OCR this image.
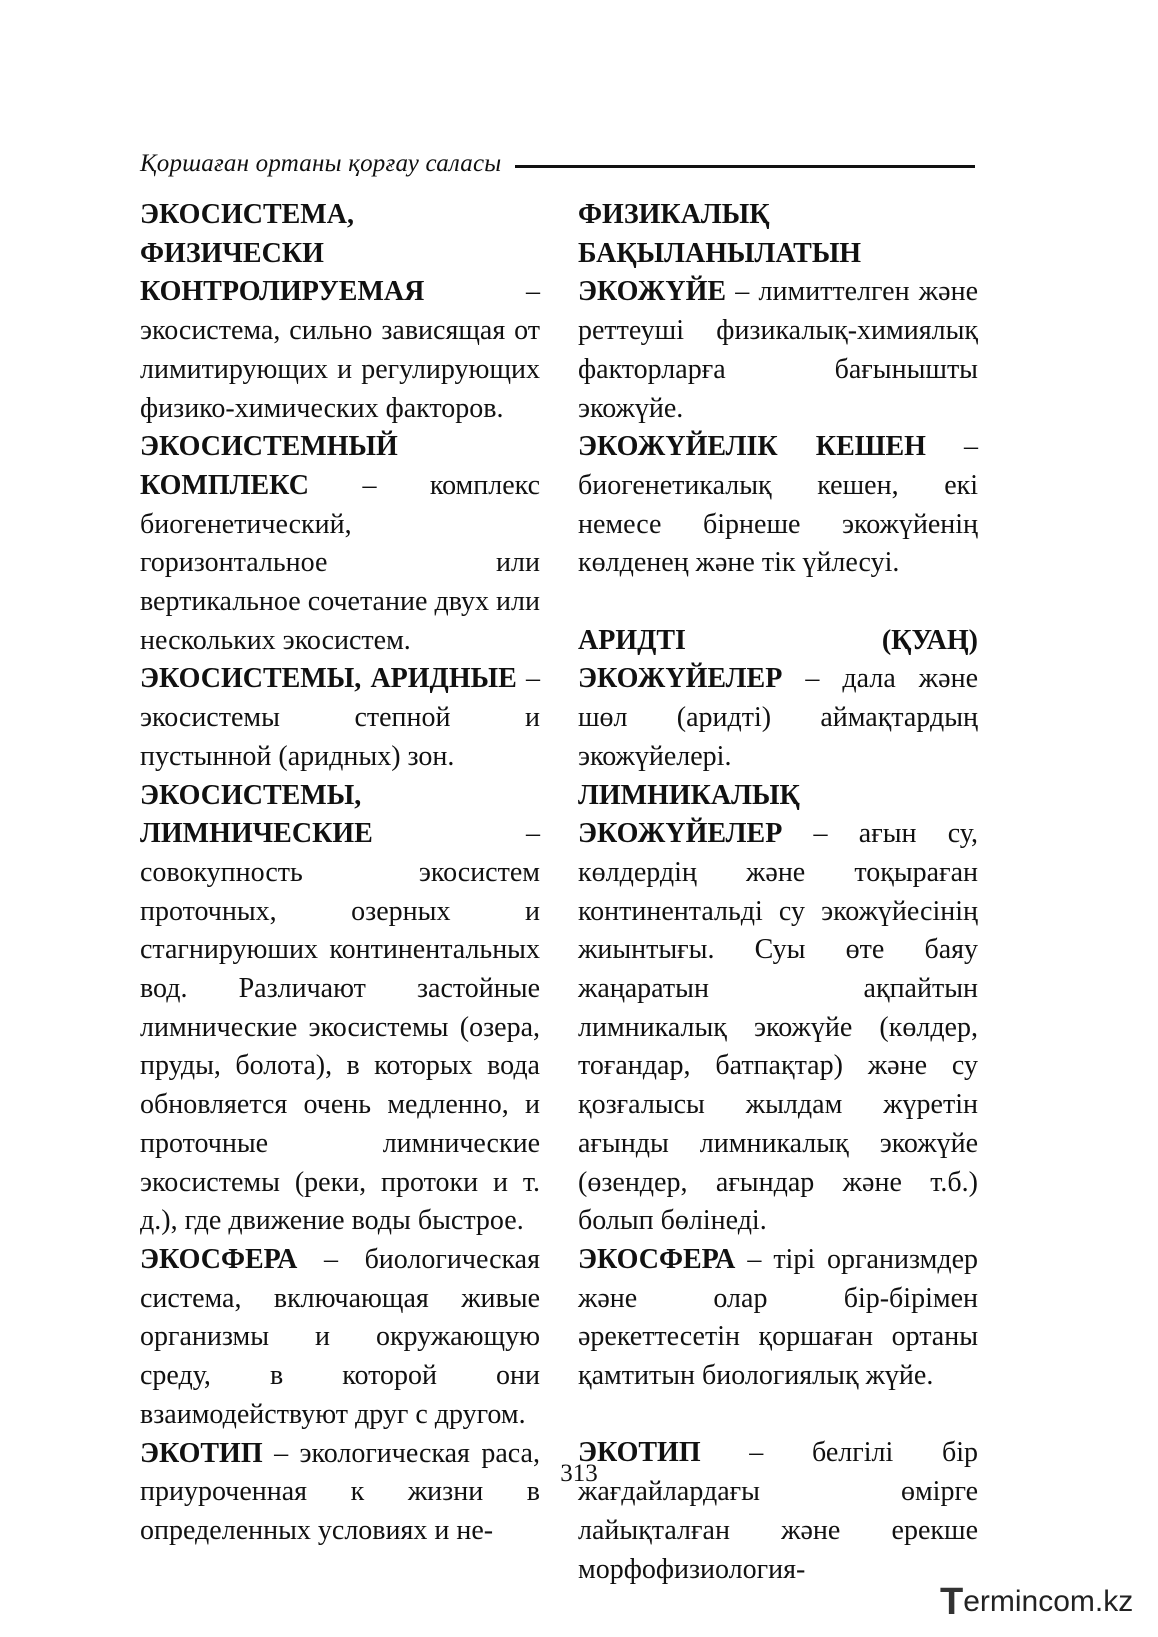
Қоршаған ортаны қорғау саласы

ЭКОСИСТЕМА, ФИЗИЧЕСКИ КОНТРОЛИРУЕМАЯ – экосистема, сильно зависящая от лимитирующих и регулирующих физико-химических факторов.

ЭКОСИСТЕМНЫЙ КОМПЛЕКС – комплекс биогенетический, горизонтальное или вертикальное сочетание двух или нескольких экосистем.

ЭКОСИСТЕМЫ, АРИДНЫЕ – экосистемы степной и пустынной (аридных) зон.

ЭКОСИСТЕМЫ, ЛИМНИЧЕСКИЕ – совокупность экосистем проточных, озерных и стагнируюших континентальных вод. Различают застойные лимнические экосистемы (озера, пруды, болота), в которых вода обновляется очень медленно, и проточные лимнические экосистемы (реки, протоки и т. д.), где движение воды быстрое.

ЭКОСФЕРА – биологическая система, включающая живые организмы и окружающую среду, в которой они взаимодействуют друг с другом.

ЭКОТИП – экологическая раса, приуроченная к жизни в определенных условиях и не-

ФИЗИКАЛЫҚ БАҚЫЛАНЫЛАТЫН ЭКОЖҮЙЕ – лимиттелген және реттеуші физикалық-химиялық факторларға бағынышты экожүйе.

ЭКОЖҮЙЕЛІК КЕШЕН – биогенетикалық кешен, екі немесе бірнеше экожүйенің көлденең және тік үйлесуі.

АРИДТІ (ҚУАҢ) ЭКОЖҮЙЕЛЕР – дала және шөл (аридті) аймақтардың экожүйелері.

ЛИМНИКАЛЫҚ ЭКОЖҮЙЕЛЕР – ағын су, көлдердің және тоқыраған континентальді су экожүйесінің жиынтығы. Суы өте баяу жаңаратын ақпайтын лимникалық экожүйе (көлдер, тоғандар, батпақтар) және су қозғалысы жылдам жүретін ағынды лимникалық экожүйе (өзендер, ағындар және т.б.) болып бөлінеді.

ЭКОСФЕРА – тірі организмдер және олар бір-бірімен әрекеттесетін қоршаған ортаны қамтитын биологиялық жүйе.

ЭКОТИП – белгілі бір жағдайлардағы өмірге лайықталған және ерекше морфофизиология-

313
T erminc o m.kz
